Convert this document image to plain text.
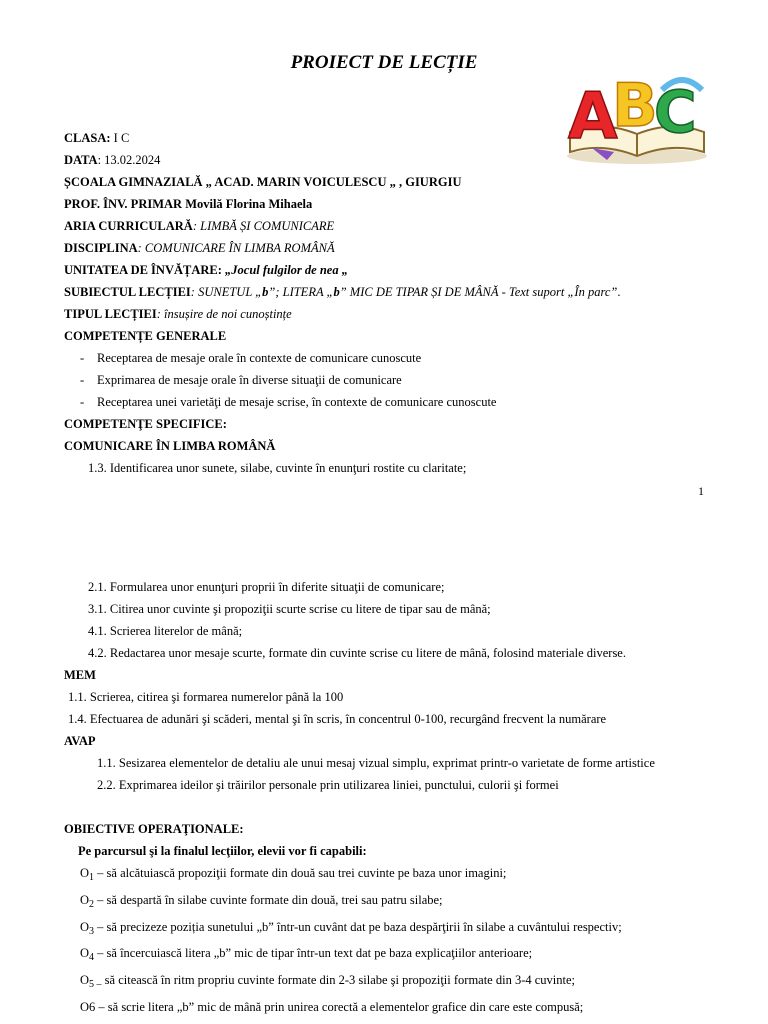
PROIECT DE LECȚIE
A
B
C
CLASA: I C
DATA: 13.02.2024
ȘCOALA GIMNAZIALĂ „ ACAD. MARIN VOICULESCU „ , GIURGIU
PROF. ÎNV. PRIMAR Movilă Florina Mihaela
ARIA CURRICULARĂ: LIMBĂ ȘI COMUNICARE
DISCIPLINA: COMUNICARE ÎN LIMBA ROMÂNĂ
UNITATEA DE ÎNVĂȚARE: „Jocul fulgilor de nea „
SUBIECTUL LECȚIEI: SUNETUL „b”; LITERA „b” MIC DE TIPAR ȘI DE MÂNĂ - Text suport „În parc”.
TIPUL LECȚIEI: însușire de noi cunoștințe
COMPETENȚE GENERALE
- Receptarea de mesaje orale în contexte de comunicare cunoscute
- Exprimarea de mesaje orale în diverse situaţii de comunicare
- Receptarea unei varietăţi de mesaje scrise, în contexte de comunicare cunoscute
COMPETENŢE SPECIFICE:
COMUNICARE ÎN LIMBA ROMÂNĂ
1.3. Identificarea unor sunete, silabe, cuvinte în enunţuri rostite cu claritate;
1
2.1. Formularea unor enunţuri proprii în diferite situaţii de comunicare;
3.1. Citirea unor cuvinte şi propoziţii scurte scrise cu litere de tipar sau de mână;
4.1. Scrierea literelor de mână;
4.2. Redactarea unor mesaje scurte, formate din cuvinte scrise cu litere de mână, folosind materiale diverse.
MEM
1.1. Scrierea, citirea şi formarea numerelor până la 100
1.4. Efectuarea de adunări şi scăderi, mental şi în scris, în concentrul 0-100, recurgând frecvent la numărare
AVAP
1.1. Sesizarea elementelor de detaliu ale unui mesaj vizual simplu, exprimat printr-o varietate de forme artistice
2.2. Exprimarea ideilor şi trăirilor personale prin utilizarea liniei, punctului, culorii şi formei
OBIECTIVE OPERAŢIONALE:
Pe parcursul şi la finalul lecţiilor, elevii vor fi capabili:
$O_1$ – să alcătuiască propoziţii formate din două sau trei cuvinte pe baza unor imagini;
$O_2$ – să despartă în silabe cuvinte formate din două, trei sau patru silabe;
$O_3$ – să precizeze poziția sunetului „b” într-un cuvânt dat pe baza despărţirii în silabe a cuvântului respectiv;
$O_4$ – să încercuiască litera „b” mic de tipar într-un text dat pe baza explicaţiilor anterioare;
$O_{5 -}$ să citească în ritm propriu cuvinte formate din 2-3 silabe şi propoziţii formate din 3-4 cuvinte;
O6 – să scrie litera „b” mic de mână prin unirea corectă a elementelor grafice din care este compusă;
